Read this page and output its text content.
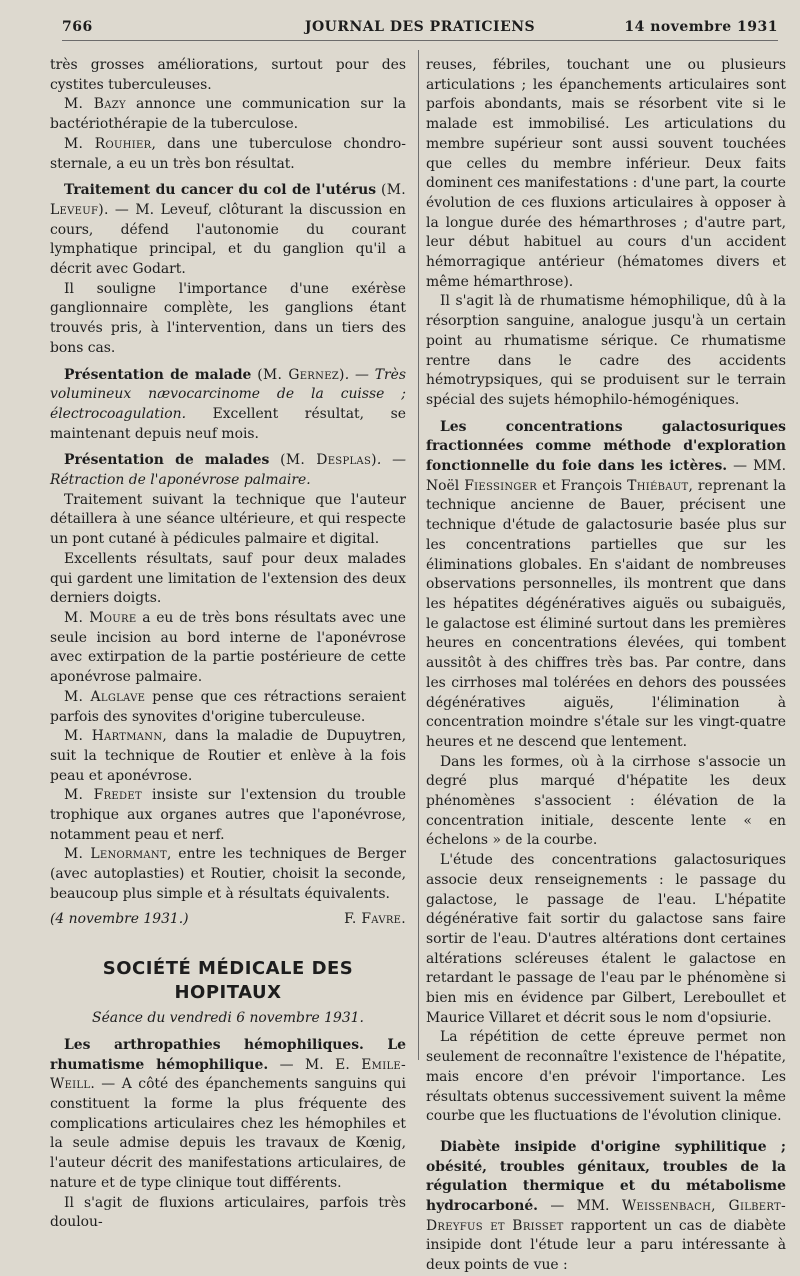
766	JOURNAL DES PRATICIENS	14 novembre 1931

très grosses améliorations, surtout pour des cystites tuberculeuses.

M. Bazy annonce une communication sur la bactériothérapie de la tuberculose.

M. Rouhier, dans une tuberculose chondro-sternale, a eu un très bon résultat.

Traitement du cancer du col de l'utérus (M. Leveuf). — M. Leveuf, clôturant la discussion en cours, défend l'autonomie du courant lymphatique principal, et du ganglion qu'il a décrit avec Godart.

Il souligne l'importance d'une exérèse ganglionnaire complète, les ganglions étant trouvés pris, à l'intervention, dans un tiers des bons cas.

Présentation de malade (M. Gernez). — Très volumineux nævocarcinome de la cuisse ; électrocoagulation. Excellent résultat, se maintenant depuis neuf mois.

Présentation de malades (M. Desplas). — Rétraction de l'aponévrose palmaire.

Traitement suivant la technique que l'auteur détaillera à une séance ultérieure, et qui respecte un pont cutané à pédicules palmaire et digital.

Excellents résultats, sauf pour deux malades qui gardent une limitation de l'extension des deux derniers doigts.

M. Moure a eu de très bons résultats avec une seule incision au bord interne de l'aponévrose avec extirpation de la partie postérieure de cette aponévrose palmaire.

M. Alglave pense que ces rétractions seraient parfois des synovites d'origine tuberculeuse.

M. Hartmann, dans la maladie de Dupuytren, suit la technique de Routier et enlève à la fois peau et aponévrose.

M. Fredet insiste sur l'extension du trouble trophique aux organes autres que l'aponévrose, notamment peau et nerf.

M. Lenormant, entre les techniques de Berger (avec autoplasties) et Routier, choisit la seconde, beaucoup plus simple et à résultats équivalents.

(4 novembre 1931.)	F. Favre.

SOCIÉTÉ MÉDICALE DES HOPITAUX
Séance du vendredi 6 novembre 1931.

Les arthropathies hémophiliques. Le rhumatisme hémophilique. — M. E. Emile-Weill. — A côté des épanchements sanguins qui constituent la forme la plus fréquente des complications articulaires chez les hémophiles et la seule admise depuis les travaux de Kœnig, l'auteur décrit des manifestations articulaires, de nature et de type clinique tout différents.

Il s'agit de fluxions articulaires, parfois très doulou-

reuses, fébriles, touchant une ou plusieurs articulations ; les épanchements articulaires sont parfois abondants, mais se résorbent vite si le malade est immobilisé. Les articulations du membre supérieur sont aussi souvent touchées que celles du membre inférieur. Deux faits dominent ces manifestations : d'une part, la courte évolution de ces fluxions articulaires à opposer à la longue durée des hémarthroses ; d'autre part, leur début habituel au cours d'un accident hémorragique antérieur (hématomes divers et même hémarthrose).

Il s'agit là de rhumatisme hémophilique, dû à la résorption sanguine, analogue jusqu'à un certain point au rhumatisme sérique. Ce rhumatisme rentre dans le cadre des accidents hémotrypsiques, qui se produisent sur le terrain spécial des sujets hémophilo-hémogéniques.

Les concentrations galactosuriques fractionnées comme méthode d'exploration fonctionnelle du foie dans les ictères. — MM. Noël Fiessinger et François Thiébaut, reprenant la technique ancienne de Bauer, précisent une technique d'étude de galactosurie basée plus sur les concentrations partielles que sur les éliminations globales. En s'aidant de nombreuses observations personnelles, ils montrent que dans les hépatites dégénératives aiguës ou subaiguës, le galactose est éliminé surtout dans les premières heures en concentrations élevées, qui tombent aussitôt à des chiffres très bas. Par contre, dans les cirrhoses mal tolérées en dehors des poussées dégénératives aiguës, l'élimination à concentration moindre s'étale sur les vingt-quatre heures et ne descend que lentement.

Dans les formes, où à la cirrhose s'associe un degré plus marqué d'hépatite les deux phénomènes s'associent : élévation de la concentration initiale, descente lente « en échelons » de la courbe.

L'étude des concentrations galactosuriques associe deux renseignements : le passage du galactose, le passage de l'eau. L'hépatite dégénérative fait sortir du galactose sans faire sortir de l'eau. D'autres altérations dont certaines altérations scléreuses étalent le galactose en retardant le passage de l'eau par le phénomène si bien mis en évidence par Gilbert, Lereboullet et Maurice Villaret et décrit sous le nom d'opsiurie.

La répétition de cette épreuve permet non seulement de reconnaître l'existence de l'hépatite, mais encore d'en prévoir l'importance. Les résultats obtenus successivement suivent la même courbe que les fluctuations de l'évolution clinique.

Diabète insipide d'origine syphilitique ; obésité, troubles génitaux, troubles de la régulation thermique et du métabolisme hydrocarboné. — MM. Weissenbach, Gilbert-Dreyfus et Brisset rapportent un cas de diabète insipide dont l'étude leur a paru intéressante à deux points de vue :
